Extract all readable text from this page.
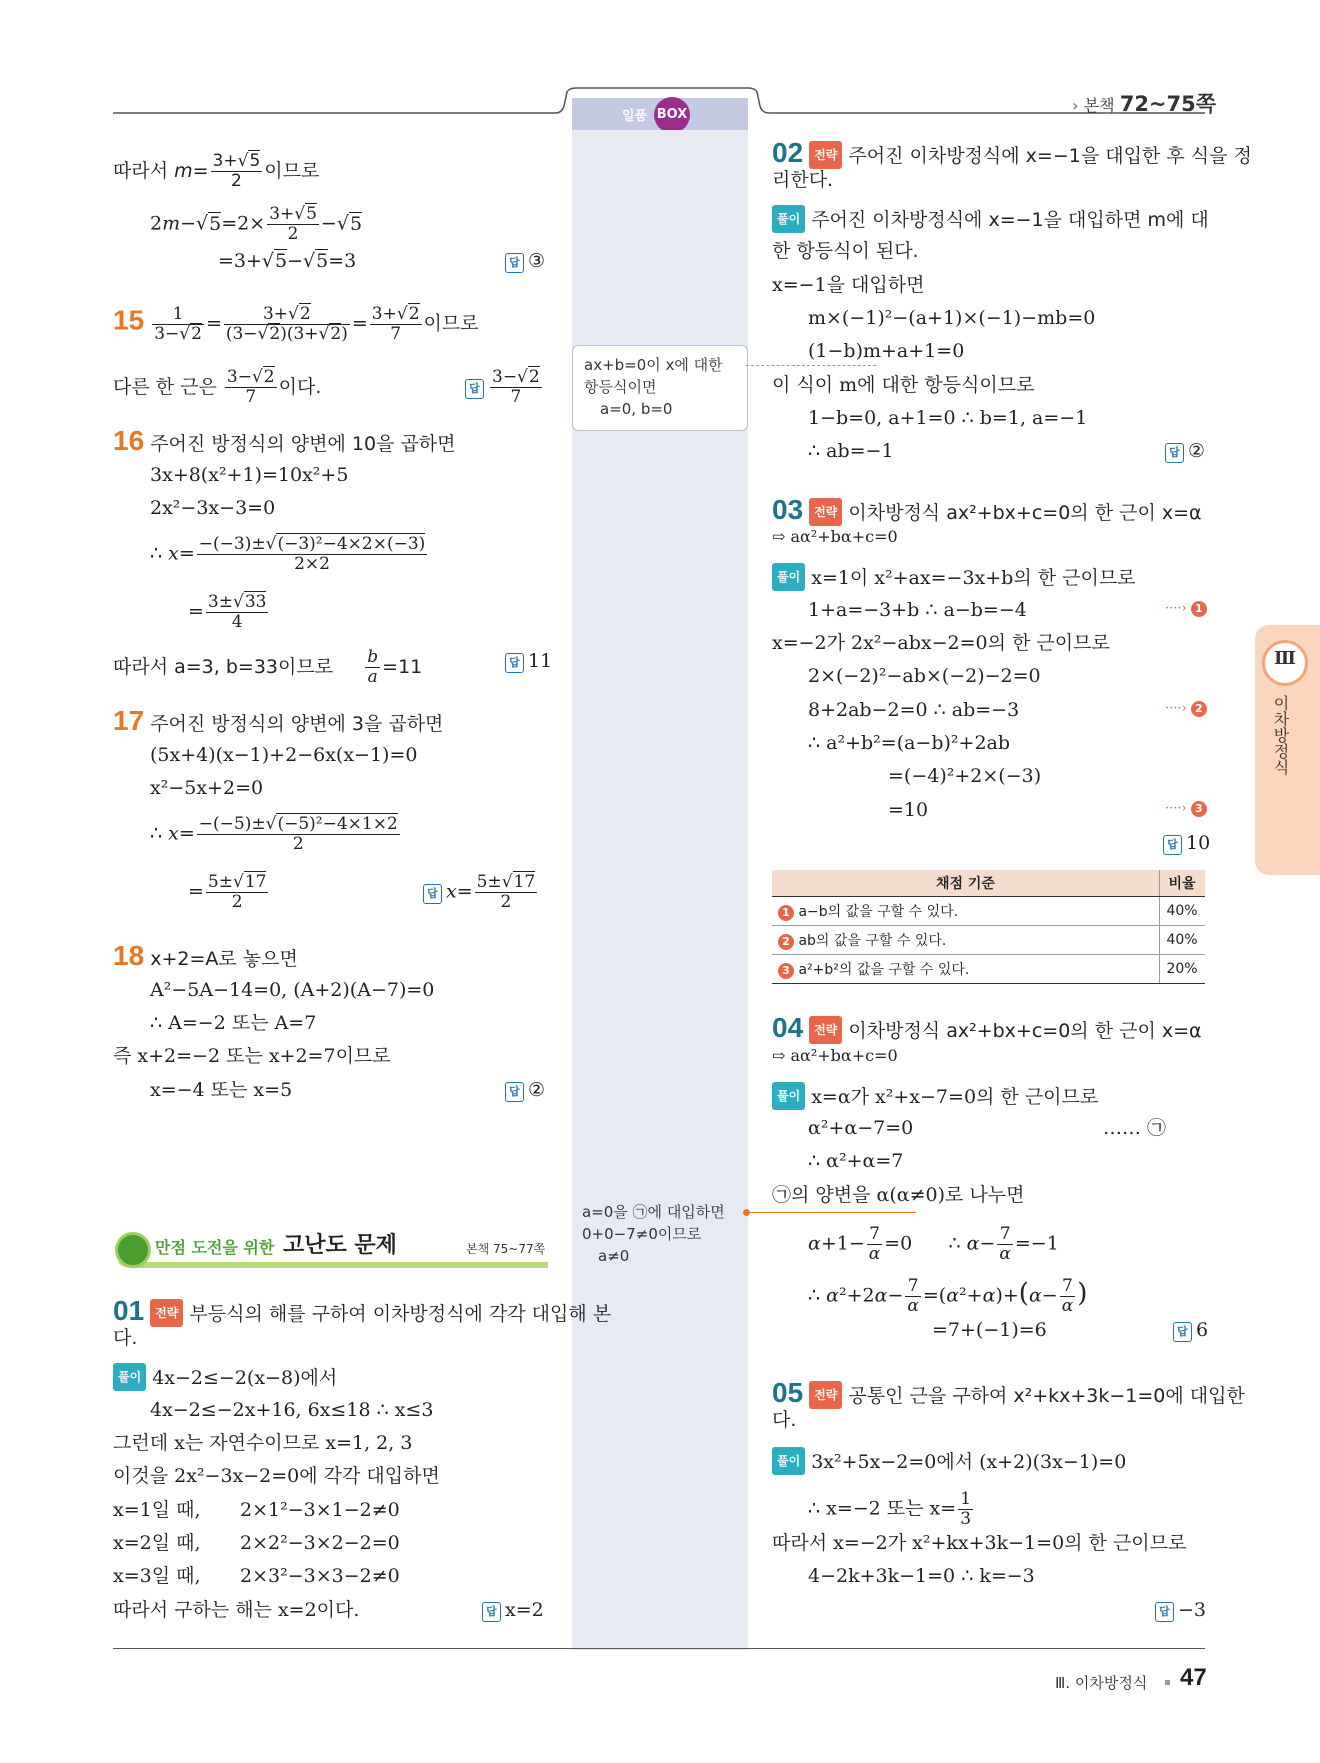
일품 BOX	› 본책 72~75쪽
따라서 $m= \frac{3+√5}{2}$ 이므로
$2m-√5=2\times \frac{3+√5}{2} -√5$
=3+√5−√5=3	답 ③
$15 \frac{1}{3-√2} = \frac{3+√2}{(3-√2)(3+√2)} = \frac{3+√2}{7}$ 이므로
다른 한 근은 $\frac{3-√2}{7}$ 이다.	답 $\frac{3-√2}{7}$
16 주어진 방정식의 양변에 10을 곱하면
3x+8(x²+1)=10x²+5
2x²−3x−3=0
∴ $x= \frac{\text{−(−3)±√(−3)²−4×2×(−3)}}{2\times 2}$
= $\frac{3\pm√33}{4}$
따라서 a=3, b=33이므로 $\frac{b}{a} =11$	답 11
17 주어진 방정식의 양변에 3을 곱하면
(5x+4)(x−1)+2−6x(x−1)=0
x²−5x+2=0
∴ $x= \frac{\text{−(−5)±√(−5)²−4×1×2}}{2}$
= $\frac{5\pm√17}{2}$	답 $x= \frac{5\pm√17}{2}$
18 x+2=A로 놓으면
A²−5A−14=0, (A+2)(A−7)=0
∴ A=−2 또는 A=7
즉 x+2=−2 또는 x+2=7이므로
x=−4 또는 x=5	답 ②
만점 도전을 위한 고난도 문제	본책 75~77쪽
01 전략 부등식의 해를 구하여 이차방정식에 각각 대입해 본
다.
풀이 4x−2≤−2(x−8)에서
4x−2≤−2x+16, 6x≤18 ∴ x≤3
그런데 x는 자연수이므로 x=1, 2, 3
이것을 2x²−3x−2=0에 각각 대입하면
x=1일 때, 2×1²−3×1−2≠0
x=2일 때, 2×2²−3×2−2=0
x=3일 때, 2×3²−3×3−2≠0
따라서 구하는 해는 x=2이다.	답 x=2
ax+b=0이 x에 대한
항등식이면
a=0, b=0
a=0을 ㉠에 대입하면
0+0−7≠0이므로
a≠0
02 전략 주어진 이차방정식에 x=−1을 대입한 후 식을 정
리한다.
풀이 주어진 이차방정식에 x=−1을 대입하면 m에 대
한 항등식이 된다.
x=−1을 대입하면
m×(−1)²−(a+1)×(−1)−mb=0
(1−b)m+a+1=0
이 식이 m에 대한 항등식이므로
1−b=0, a+1=0 ∴ b=1, a=−1
∴ ab=−1	답 ②
03 전략 이차방정식 ax²+bx+c=0의 한 근이 x=α
⇨ aα²+bα+c=0
풀이 x=1이 x²+ax=−3x+b의 한 근이므로
1+a=−3+b ∴ a−b=−4	····› 1
x=−2가 2x²−abx−2=0의 한 근이므로
2×(−2)²−ab×(−2)−2=0
8+2ab−2=0 ∴ ab=−3	····› 2
∴ a²+b²=(a−b)²+2ab
=(−4)²+2×(−3)
=10	····› 3
답 10
채점 기준	비율
1 a−b의 값을 구할 수 있다.	40%
2 ab의 값을 구할 수 있다.	40%
3 a²+b²의 값을 구할 수 있다.	20%
04 전략 이차방정식 ax²+bx+c=0의 한 근이 x=α
⇨ aα²+bα+c=0
풀이 x=α가 x²+x−7=0의 한 근이므로
α²+α−7=0	…… ㉠
∴ α²+α=7
㉠의 양변을 α(α≠0)로 나누면
$\alpha+1- \frac{7}{\alpha} =0$      ∴ $\alpha- \frac{7}{\alpha} =-1$
∴ $\alpha^2+2\alpha- \frac{7}{\alpha} =(\alpha^2+\alpha)+(\alpha- \frac{7}{\alpha}$ )
=7+(−1)=6	답 6
05 전략 공통인 근을 구하여 x²+kx+3k−1=0에 대입한
다.
풀이 3x²+5x−2=0에서 (x+2)(3x−1)=0
∴ x=−2 또는 $x= \frac{1}{3}$
따라서 x=−2가 x²+kx+3k−1=0의 한 근이므로
4−2k+3k−1=0 ∴ k=−3
답 −3
Ⅲ
이차방정식
Ⅲ. 이차방정식 47
